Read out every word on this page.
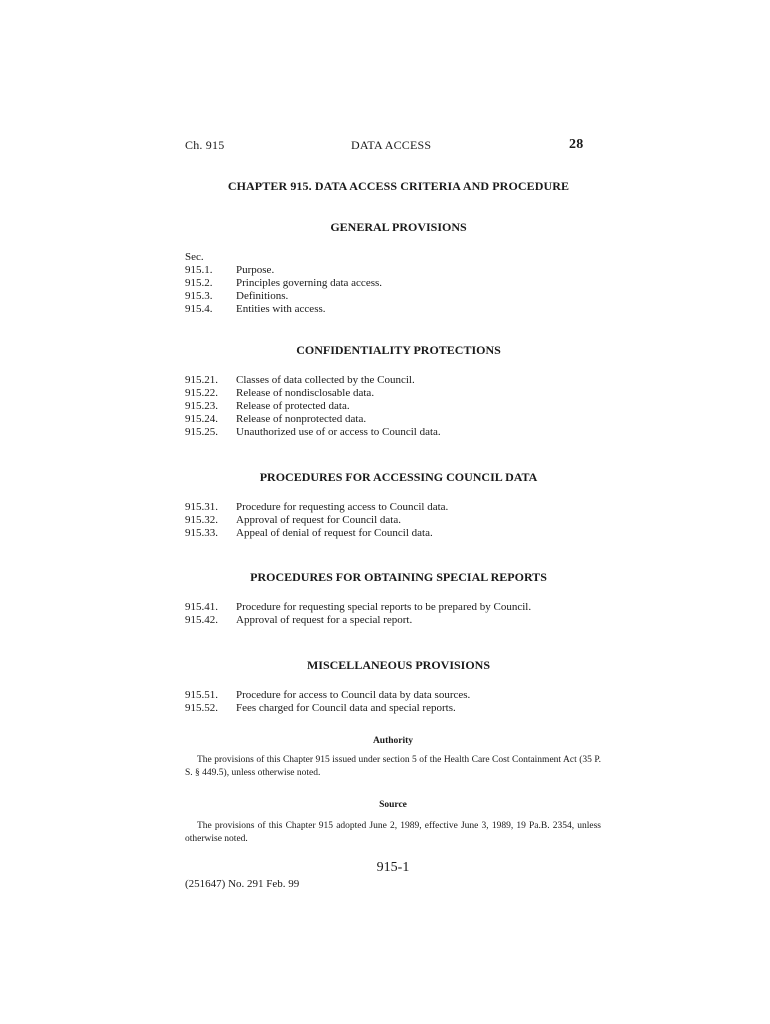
Ch. 915	DATA ACCESS	28
CHAPTER 915. DATA ACCESS CRITERIA AND PROCEDURE
GENERAL PROVISIONS
Sec.
915.1.	Purpose.
915.2.	Principles governing data access.
915.3.	Definitions.
915.4.	Entities with access.
CONFIDENTIALITY PROTECTIONS
915.21.	Classes of data collected by the Council.
915.22.	Release of nondisclosable data.
915.23.	Release of protected data.
915.24.	Release of nonprotected data.
915.25.	Unauthorized use of or access to Council data.
PROCEDURES FOR ACCESSING COUNCIL DATA
915.31.	Procedure for requesting access to Council data.
915.32.	Approval of request for Council data.
915.33.	Appeal of denial of request for Council data.
PROCEDURES FOR OBTAINING SPECIAL REPORTS
915.41.	Procedure for requesting special reports to be prepared by Council.
915.42.	Approval of request for a special report.
MISCELLANEOUS PROVISIONS
915.51.	Procedure for access to Council data by data sources.
915.52.	Fees charged for Council data and special reports.
Authority
The provisions of this Chapter 915 issued under section 5 of the Health Care Cost Containment Act (35 P. S. § 449.5), unless otherwise noted.
Source
The provisions of this Chapter 915 adopted June 2, 1989, effective June 3, 1989, 19 Pa.B. 2354, unless otherwise noted.
915-1
(251647) No. 291 Feb. 99
